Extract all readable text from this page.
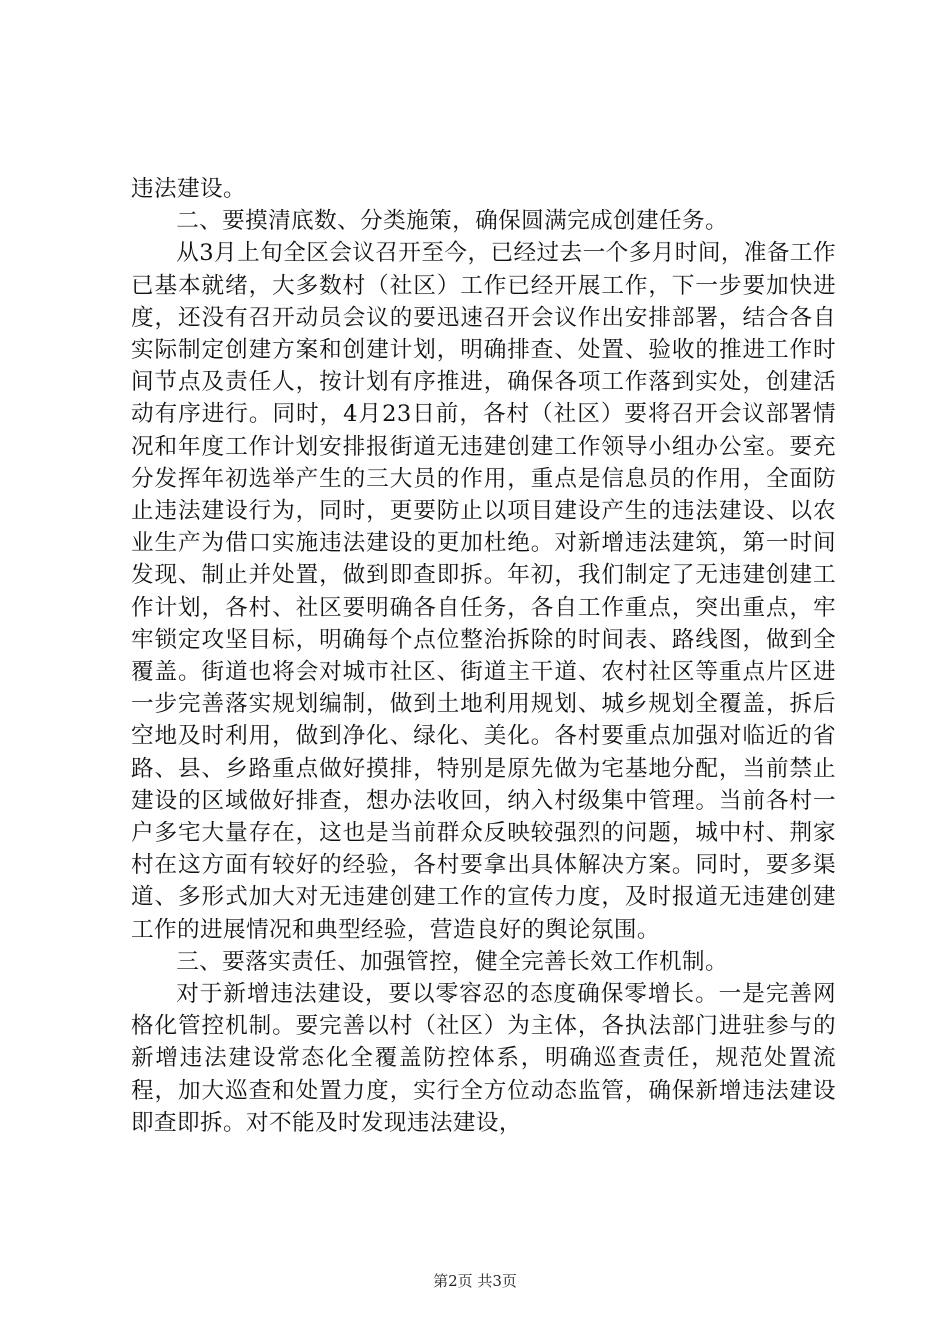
违法建设。

二、要摸清底数、分类施策，确保圆满完成创建任务。

从3月上旬全区会议召开至今，已经过去一个多月时间，准备工作已基本就绪，大多数村（社区）工作已经开展工作，下一步要加快进度，还没有召开动员会议的要迅速召开会议作出安排部署，结合各自实际制定创建方案和创建计划，明确排查、处置、验收的推进工作时间节点及责任人，按计划有序推进，确保各项工作落到实处，创建活动有序进行。同时，4月23日前，各村（社区）要将召开会议部署情况和年度工作计划安排报街道无违建创建工作领导小组办公室。要充分发挥年初选举产生的三大员的作用，重点是信息员的作用，全面防止违法建设行为，同时，更要防止以项目建设产生的违法建设、以农业生产为借口实施违法建设的更加杜绝。对新增违法建筑，第一时间发现、制止并处置，做到即查即拆。年初，我们制定了无违建创建工作计划，各村、社区要明确各自任务，各自工作重点，突出重点，牢牢锁定攻坚目标，明确每个点位整治拆除的时间表、路线图，做到全覆盖。街道也将会对城市社区、街道主干道、农村社区等重点片区进一步完善落实规划编制，做到土地利用规划、城乡规划全覆盖，拆后空地及时利用，做到净化、绿化、美化。各村要重点加强对临近的省路、县、乡路重点做好摸排，特别是原先做为宅基地分配，当前禁止建设的区域做好排查，想办法收回，纳入村级集中管理。当前各村一户多宅大量存在，这也是当前群众反映较强烈的问题，城中村、荆家村在这方面有较好的经验，各村要拿出具体解决方案。同时，要多渠道、多形式加大对无违建创建工作的宣传力度，及时报道无违建创建工作的进展情况和典型经验，营造良好的舆论氛围。

三、要落实责任、加强管控，健全完善长效工作机制。

对于新增违法建设，要以零容忍的态度确保零增长。一是完善网格化管控机制。要完善以村（社区）为主体，各执法部门进驻参与的新增违法建设常态化全覆盖防控体系，明确巡查责任，规范处置流程，加大巡查和处置力度，实行全方位动态监管，确保新增违法建设即查即拆。对不能及时发现违法建设，

第2页 共3页
